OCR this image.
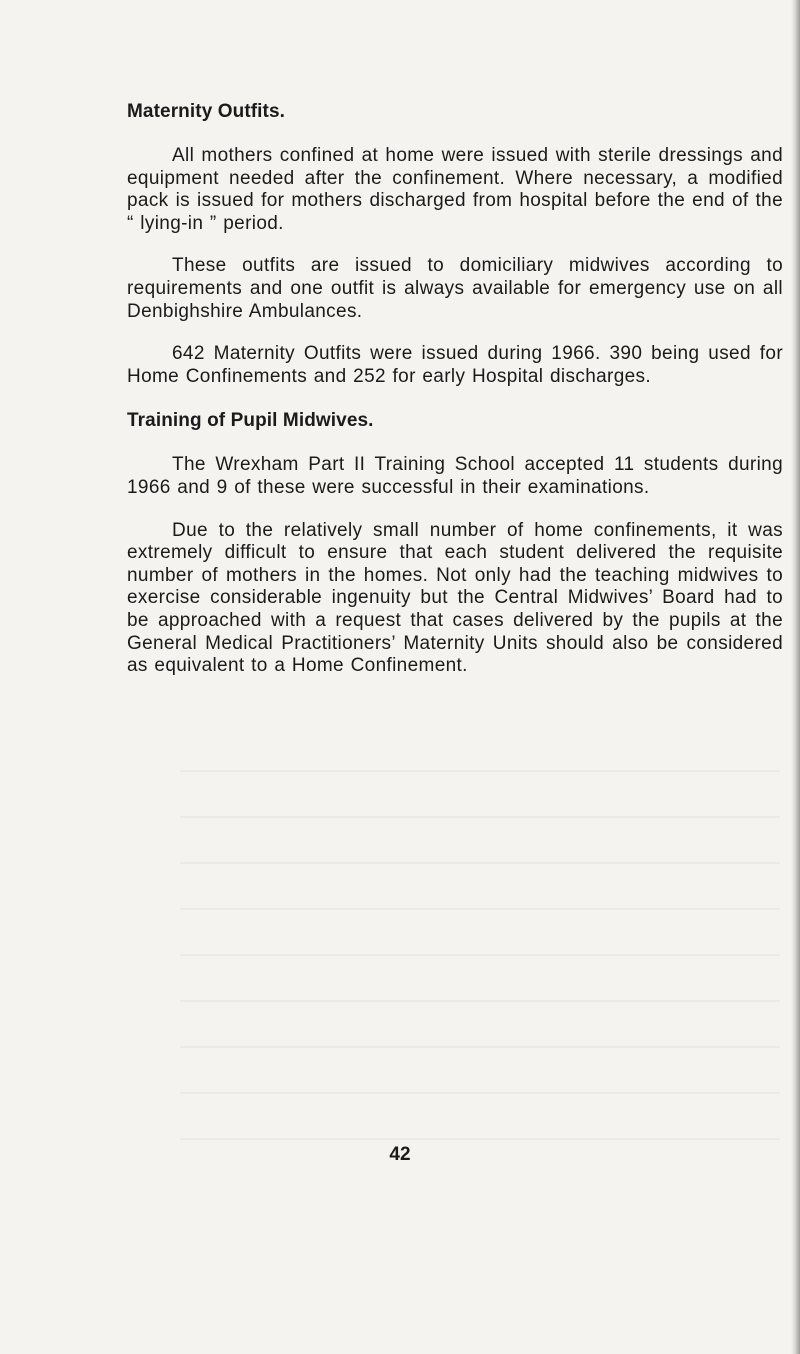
Maternity Outfits.

All mothers confined at home were issued with sterile dressings and equipment needed after the confinement. Where necessary, a modified pack is issued for mothers discharged from hospital before the end of the “ lying-in ” period.

These outfits are issued to domiciliary midwives according to requirements and one outfit is always available for emergency use on all Denbighshire Ambulances.

642 Maternity Outfits were issued during 1966. 390 being used for Home Confinements and 252 for early Hospital discharges.

Training of Pupil Midwives.

The Wrexham Part II Training School accepted 11 students during 1966 and 9 of these were successful in their examinations.

Due to the relatively small number of home confinements, it was extremely difficult to ensure that each student delivered the requisite number of mothers in the homes. Not only had the teaching midwives to exercise considerable ingenuity but the Central Midwives’ Board had to be approached with a request that cases delivered by the pupils at the General Medical Practitioners’ Maternity Units should also be considered as equivalent to a Home Confinement.

42
